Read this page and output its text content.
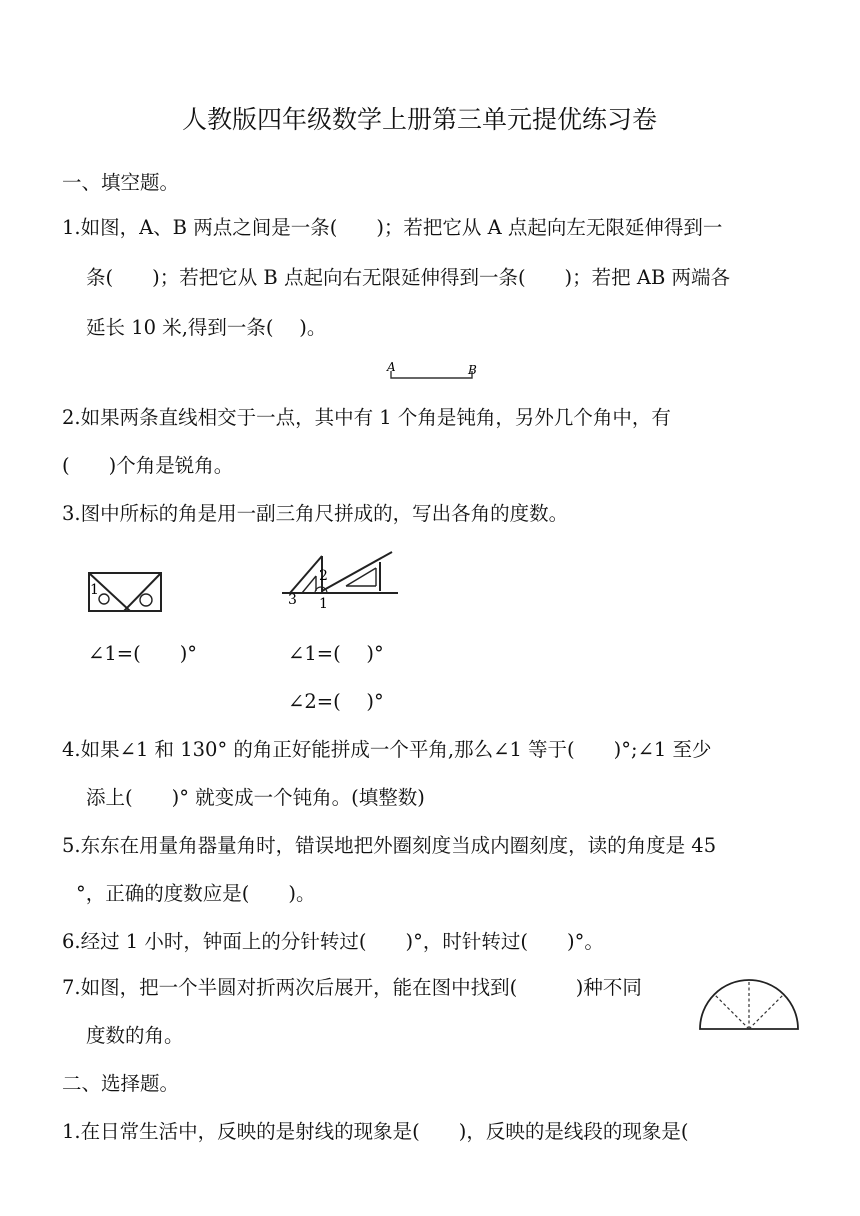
人教版四年级数学上册第三单元提优练习卷
一、填空题。
1.如图，A、B 两点之间是一条(　　)；若把它从 A 点起向左无限延伸得到一
条(　　)；若把它从 B 点起向右无限延伸得到一条(　　)；若把 AB 两端各
延长 10 米,得到一条(　 )。
A	B
2.如果两条直线相交于一点，其中有 1 个角是钝角，另外几个角中，有
(　　)个角是锐角。
3.图中所标的角是用一副三角尺拼成的，写出各角的度数。
1
2
3 1
∠1=(　　)°	∠1=(　 )°
∠2=(　 )°
4.如果∠1 和 130° 的角正好能拼成一个平角,那么∠1 等于(　　)°;∠1 至少
添上(　　)° 就变成一个钝角。(填整数)
5.东东在用量角器量角时，错误地把外圈刻度当成内圈刻度，读的角度是 45
°，正确的度数应是(　　)。
6.经过 1 小时，钟面上的分针转过(　　)°，时针转过(　　)°。
7.如图，把一个半圆对折两次后展开，能在图中找到(　　　)种不同
度数的角。
二、选择题。
1.在日常生活中，反映的是射线的现象是(　　)，反映的是线段的现象是(
